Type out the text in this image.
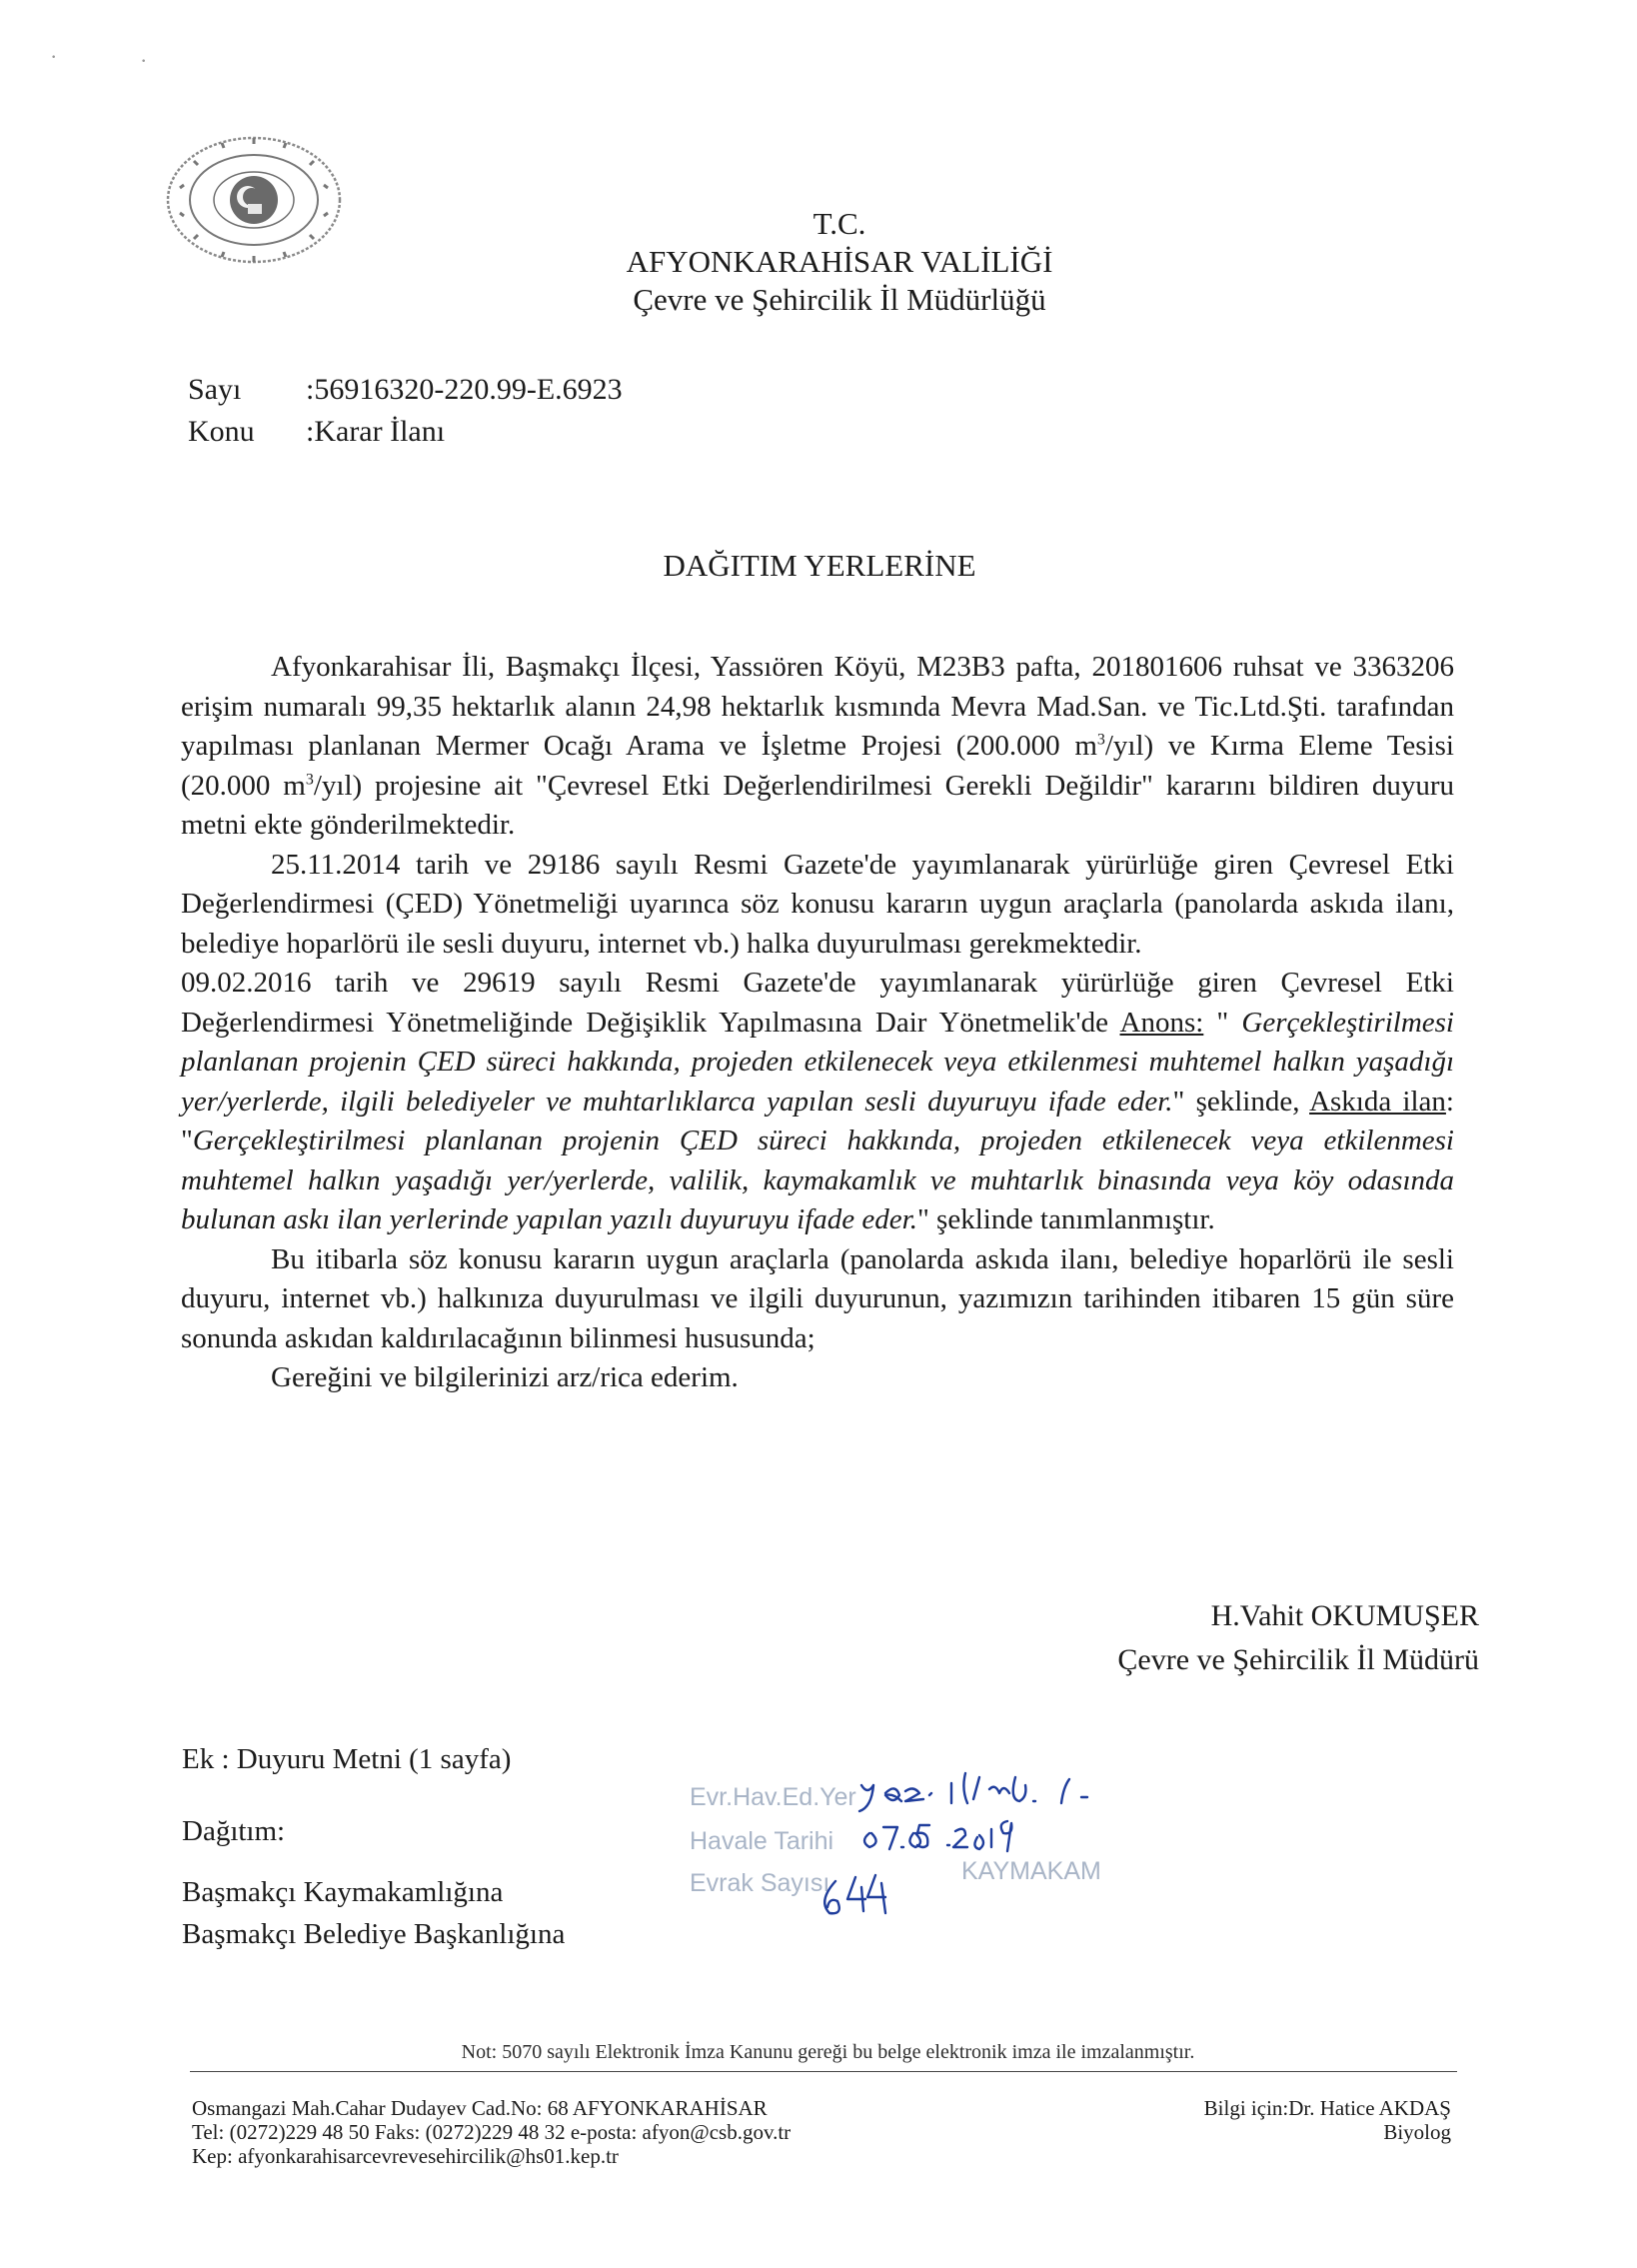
·	·
T.C.
AFYONKARAHİSAR VALİLİĞİ
Çevre ve Şehircilik İl Müdürlüğü
Sayı	:56916320-220.99-E.6923
Konu	:Karar İlanı
DAĞITIM YERLERİNE

Afyonkarahisar İli, Başmakçı İlçesi, Yassıören Köyü, M23B3 pafta, 201801606 ruhsat ve 3363206 erişim numaralı 99,35 hektarlık alanın 24,98 hektarlık kısmında Mevra Mad.San. ve Tic.Ltd.Şti. tarafından yapılması planlanan Mermer Ocağı Arama ve İşletme Projesi (200.000 $m^3/yıl$) ve Kırma Eleme Tesisi (20.000 $m^3/yıl$) projesine ait "Çevresel Etki Değerlendirilmesi Gerekli Değildir" kararını bildiren duyuru metni ekte gönderilmektedir.

25.11.2014 tarih ve 29186 sayılı Resmi Gazete'de yayımlanarak yürürlüğe giren Çevresel Etki Değerlendirmesi (ÇED) Yönetmeliği uyarınca söz konusu kararın uygun araçlarla (panolarda askıda ilanı, belediye hoparlörü ile sesli duyuru, internet vb.) halka duyurulması gerekmektedir.

09.02.2016 tarih ve 29619 sayılı Resmi Gazete'de yayımlanarak yürürlüğe giren Çevresel Etki Değerlendirmesi Yönetmeliğinde Değişiklik Yapılmasına Dair Yönetmelik'de Anons: " Gerçekleştirilmesi planlanan projenin ÇED süreci hakkında, projeden etkilenecek veya etkilenmesi muhtemel halkın yaşadığı yer/yerlerde, ilgili belediyeler ve muhtarlıklarca yapılan sesli duyuruyu ifade eder." şeklinde, Askıda ilan: "Gerçekleştirilmesi planlanan projenin ÇED süreci hakkında, projeden etkilenecek veya etkilenmesi muhtemel halkın yaşadığı yer/yerlerde, valilik, kaymakamlık ve muhtarlık binasında veya köy odasında bulunan askı ilan yerlerinde yapılan yazılı duyuruyu ifade eder." şeklinde tanımlanmıştır.

Bu itibarla söz konusu kararın uygun araçlarla (panolarda askıda ilanı, belediye hoparlörü ile sesli duyuru, internet vb.) halkınıza duyurulması ve ilgili duyurunun, yazımızın tarihinden itibaren 15 gün süre sonunda askıdan kaldırılacağının bilinmesi hususunda;

Gereğini ve bilgilerinizi arz/rica ederim.

H.Vahit OKUMUŞER
Çevre ve Şehircilik İl Müdürü
Ek : Duyuru Metni (1 sayfa)
Dağıtım:
Başmakçı Kaymakamlığına
Başmakçı Belediye Başkanlığına
Evr.Hav.Ed.Yer
Havale Tarihi
Evrak Sayısı	KAYMAKAM
Not: 5070 sayılı Elektronik İmza Kanunu gereği bu belge elektronik imza ile imzalanmıştır.
Osmangazi Mah.Cahar Dudayev Cad.No: 68 AFYONKARAHİSAR
Tel: (0272)229 48 50 Faks: (0272)229 48 32 e-posta: afyon@csb.gov.tr
Kep: afyonkarahisarcevrevesehircilik@hs01.kep.tr
Bilgi için:Dr. Hatice AKDAŞ
Biyolog
